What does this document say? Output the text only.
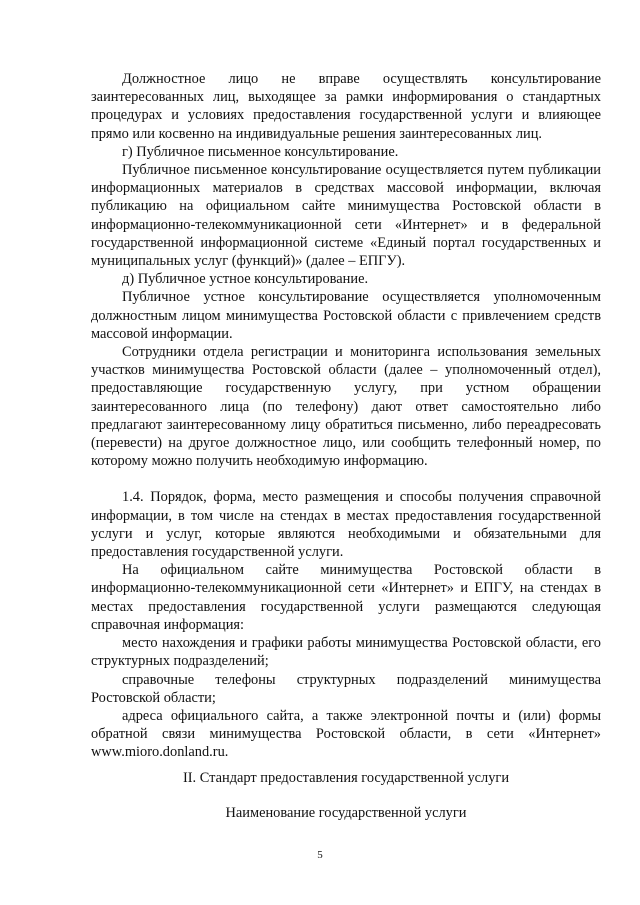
Должностное лицо не вправе осуществлять консультирование заинтересованных лиц, выходящее за рамки информирования о стандартных процедурах и условиях предоставления государственной услуги и влияющее прямо или косвенно на индивидуальные решения заинтересованных лиц.

г) Публичное письменное консультирование.

Публичное письменное консультирование осуществляется путем публикации информационных материалов в средствах массовой информации, включая публикацию на официальном сайте минимущества Ростовской области в информационно-телекоммуникационной сети «Интернет» и в федеральной государственной информационной системе «Единый портал государственных и муниципальных услуг (функций)» (далее – ЕПГУ).

д) Публичное устное консультирование.

Публичное устное консультирование осуществляется уполномоченным должностным лицом минимущества Ростовской области с привлечением средств массовой информации.

Сотрудники отдела регистрации и мониторинга использования земельных участков минимущества Ростовской области (далее – уполномоченный отдел), предоставляющие государственную услугу, при устном обращении заинтересованного лица (по телефону) дают ответ самостоятельно либо предлагают заинтересованному лицу обратиться письменно, либо переадресовать (перевести) на другое должностное лицо, или сообщить телефонный номер, по которому можно получить необходимую информацию.

1.4. Порядок, форма, место размещения и способы получения справочной информации, в том числе на стендах в местах предоставления государственной услуги и услуг, которые являются необходимыми и обязательными для предоставления государственной услуги.

На официальном сайте минимущества Ростовской области в информационно-телекоммуникационной сети «Интернет» и ЕПГУ, на стендах в местах предоставления государственной услуги размещаются следующая справочная информация:

место нахождения и графики работы минимущества Ростовской области, его структурных подразделений;

справочные телефоны структурных подразделений минимущества Ростовской области;

адреса официального сайта, а также электронной почты и (или) формы обратной связи минимущества Ростовской области, в сети «Интернет» www.mioro.donland.ru.

II. Стандарт предоставления государственной услуги

Наименование государственной услуги

5
